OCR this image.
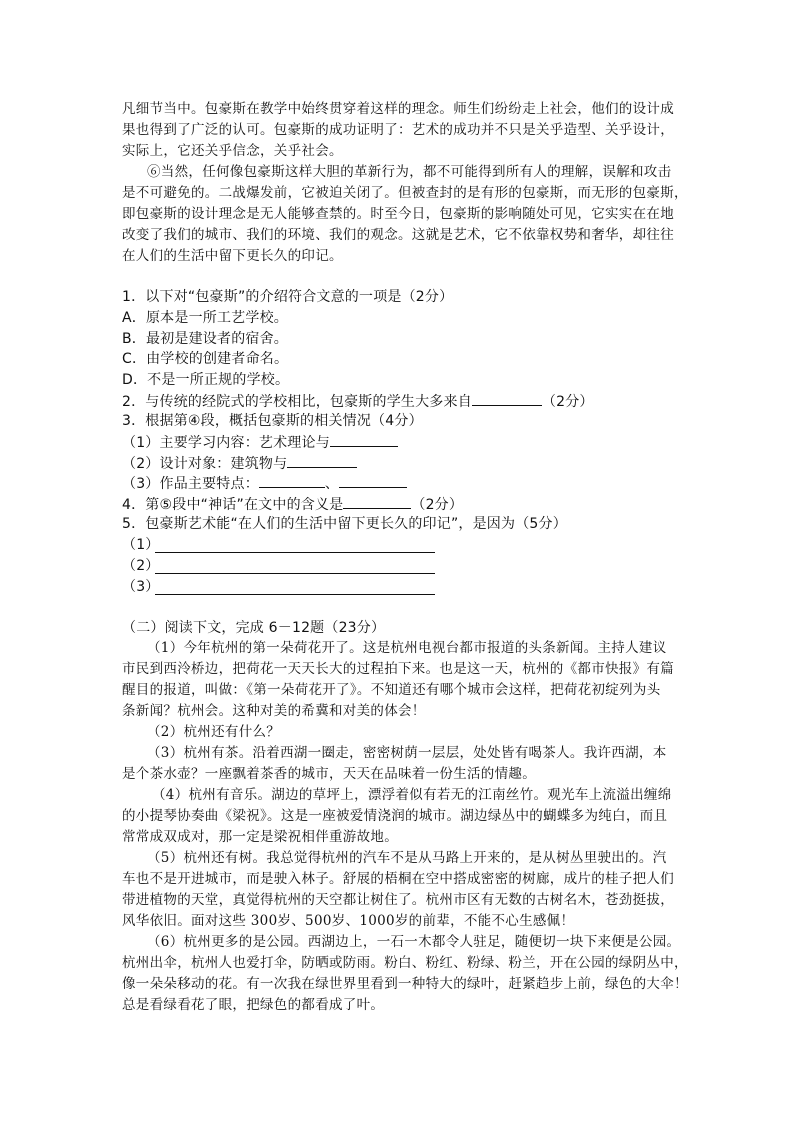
凡细节当中。包豪斯在教学中始终贯穿着这样的理念。师生们纷纷走上社会，他们的设计成
果也得到了广泛的认可。包豪斯的成功证明了：艺术的成功并不只是关乎造型、关乎设计，
实际上，它还关乎信念，关乎社会。
⑥当然，任何像包豪斯这样大胆的革新行为，都不可能得到所有人的理解，误解和攻击
是不可避免的。二战爆发前，它被迫关闭了。但被查封的是有形的包豪斯，而无形的包豪斯，
即包豪斯的设计理念是无人能够查禁的。时至今日，包豪斯的影响随处可见，它实实在在地
改变了我们的城市、我们的环境、我们的观念。这就是艺术，它不依靠权势和奢华，却往往
在人们的生活中留下更长久的印记。
1．以下对“包豪斯”的介绍符合文意的一项是（2分）
A．原本是一所工艺学校。
B．最初是建设者的宿舍。
C．由学校的创建者命名。
D．不是一所正规的学校。
2．与传统的经院式的学校相比，包豪斯的学生大多来自	（2分）
3．根据第④段，概括包豪斯的相关情况（4分）
（1）主要学习内容：艺术理论与
（2）设计对象：建筑物与
（3）作品主要特点：	、
4．第⑤段中“神话”在文中的含义是	（2分）
5．包豪斯艺术能“在人们的生活中留下更长久的印记”，是因为（5分）
（1）
（2）
（3）
（二）阅读下文，完成 6－12题（23分）
（1）今年杭州的第一朵荷花开了。这是杭州电视台都市报道的头条新闻。主持人建议
市民到西泠桥边，把荷花一天天长大的过程拍下来。也是这一天，杭州的《都市快报》有篇
醒目的报道，叫做：《第一朵荷花开了》。不知道还有哪个城市会这样，把荷花初绽列为头
条新闻？杭州会。这种对美的希冀和对美的体会！
（2）杭州还有什么？
（3）杭州有茶。沿着西湖一圈走，密密树荫一层层，处处皆有喝茶人。我许西湖，本
是个茶水壶？一座飘着茶香的城市，天天在品味着一份生活的情趣。
（4）杭州有音乐。湖边的草坪上，漂浮着似有若无的江南丝竹。观光车上流溢出缠绵
的小提琴协奏曲《梁祝》。这是一座被爱情浇润的城市。湖边绿丛中的蝴蝶多为纯白，而且
常常成双成对，那一定是梁祝相伴重游故地。
（5）杭州还有树。我总觉得杭州的汽车不是从马路上开来的，是从树丛里驶出的。汽
车也不是开进城市，而是驶入林子。舒展的梧桐在空中搭成密密的树廊，成片的桂子把人们
带进植物的天堂，真觉得杭州的天空都让树住了。杭州市区有无数的古树名木，苍劲挺拔，
风华依旧。面对这些 300岁、500岁、1000岁的前辈，不能不心生感佩！
（6）杭州更多的是公园。西湖边上，一石一木都令人驻足，随便切一块下来便是公园。
杭州出伞，杭州人也爱打伞，防晒或防雨。粉白、粉红、粉绿、粉兰，开在公园的绿阴丛中，
像一朵朵移动的花。有一次我在绿世界里看到一种特大的绿叶，赶紧趋步上前，绿色的大伞！
总是看绿看花了眼，把绿色的都看成了叶。
